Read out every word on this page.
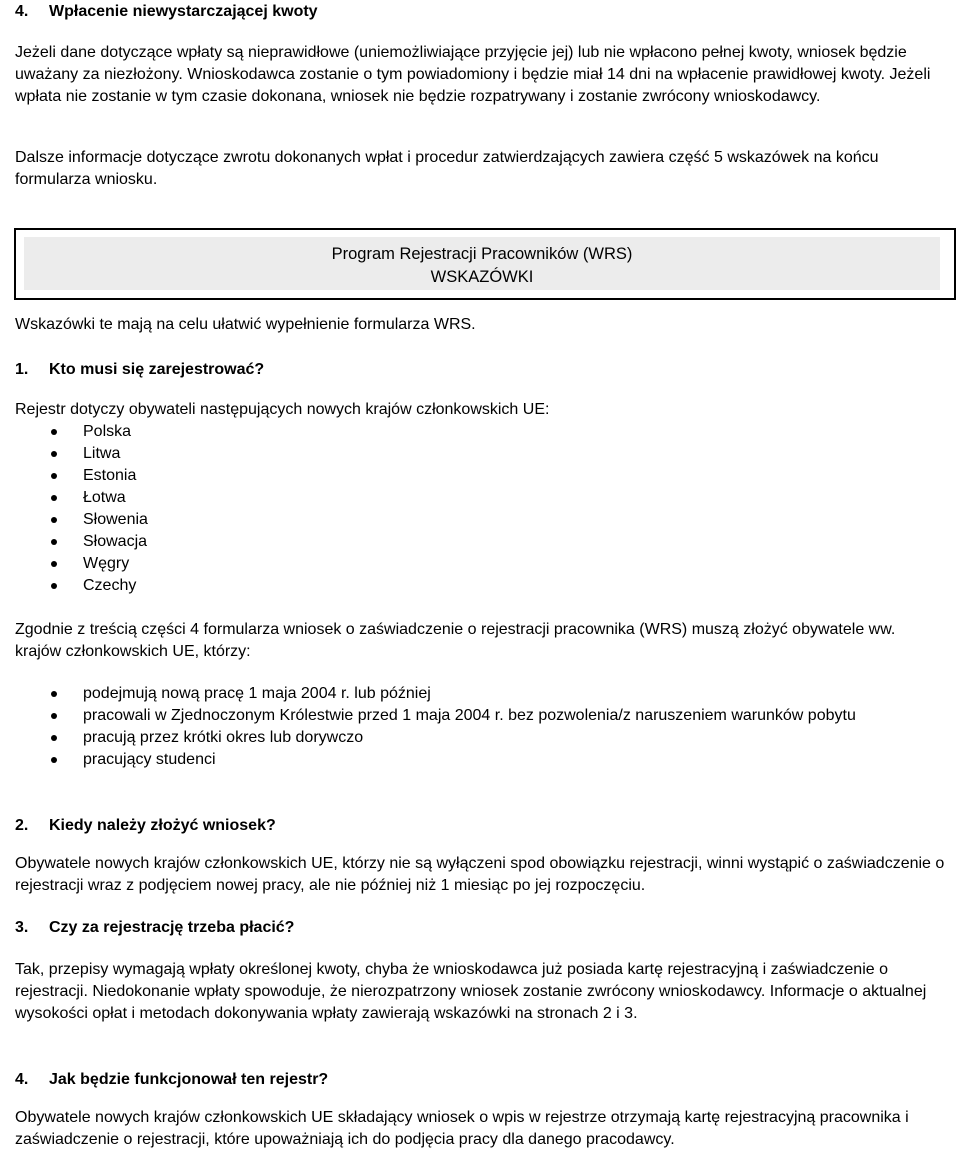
4. Wpłacenie niewystarczającej kwoty

Jeżeli dane dotyczące wpłaty są nieprawidłowe (uniemożliwiające przyjęcie jej) lub nie wpłacono pełnej kwoty, wniosek będzie uważany za niezłożony. Wnioskodawca zostanie o tym powiadomiony i będzie miał 14 dni na wpłacenie prawidłowej kwoty. Jeżeli wpłata nie zostanie w tym czasie dokonana, wniosek nie będzie rozpatrywany i zostanie zwrócony wnioskodawcy.

Dalsze informacje dotyczące zwrotu dokonanych wpłat i procedur zatwierdzających zawiera część 5 wskazówek na końcu formularza wniosku.

Wskazówki te mają na celu ułatwić wypełnienie formularza WRS.

1. Kto musi się zarejestrować?

Rejestr dotyczy obywateli następujących nowych krajów członkowskich UE:

Polska
Litwa
Estonia
Łotwa
Słowenia
Słowacja
Węgry
Czechy

Zgodnie z treścią części 4 formularza wniosek o zaświadczenie o rejestracji pracownika (WRS) muszą złożyć obywatele ww. krajów członkowskich UE, którzy:

podejmują nową pracę 1 maja 2004 r. lub później
pracowali w Zjednoczonym Królestwie przed 1 maja 2004 r. bez pozwolenia/z naruszeniem warunków pobytu
pracują przez krótki okres lub dorywczo
pracujący studenci

2. Kiedy należy złożyć wniosek?

Obywatele nowych krajów członkowskich UE, którzy nie są wyłączeni spod obowiązku rejestracji, winni wystąpić o zaświadczenie o rejestracji wraz z podjęciem nowej pracy, ale nie później niż 1 miesiąc po jej rozpoczęciu.

3. Czy za rejestrację trzeba płacić?

Tak, przepisy wymagają wpłaty określonej kwoty, chyba że wnioskodawca już posiada kartę rejestracyjną i zaświadczenie o rejestracji. Niedokonanie wpłaty spowoduje, że nierozpatrzony wniosek zostanie zwrócony wnioskodawcy. Informacje o aktualnej wysokości opłat i metodach dokonywania wpłaty zawierają wskazówki na stronach 2 i 3.

4. Jak będzie funkcjonował ten rejestr?

Obywatele nowych krajów członkowskich UE składający wniosek o wpis w rejestrze otrzymają kartę rejestracyjną pracownika i zaświadczenie o rejestracji, które upoważniają ich do podjęcia pracy dla danego pracodawcy.

Program Rejestracji Pracowników (WRS)
WSKAZÓWKI
